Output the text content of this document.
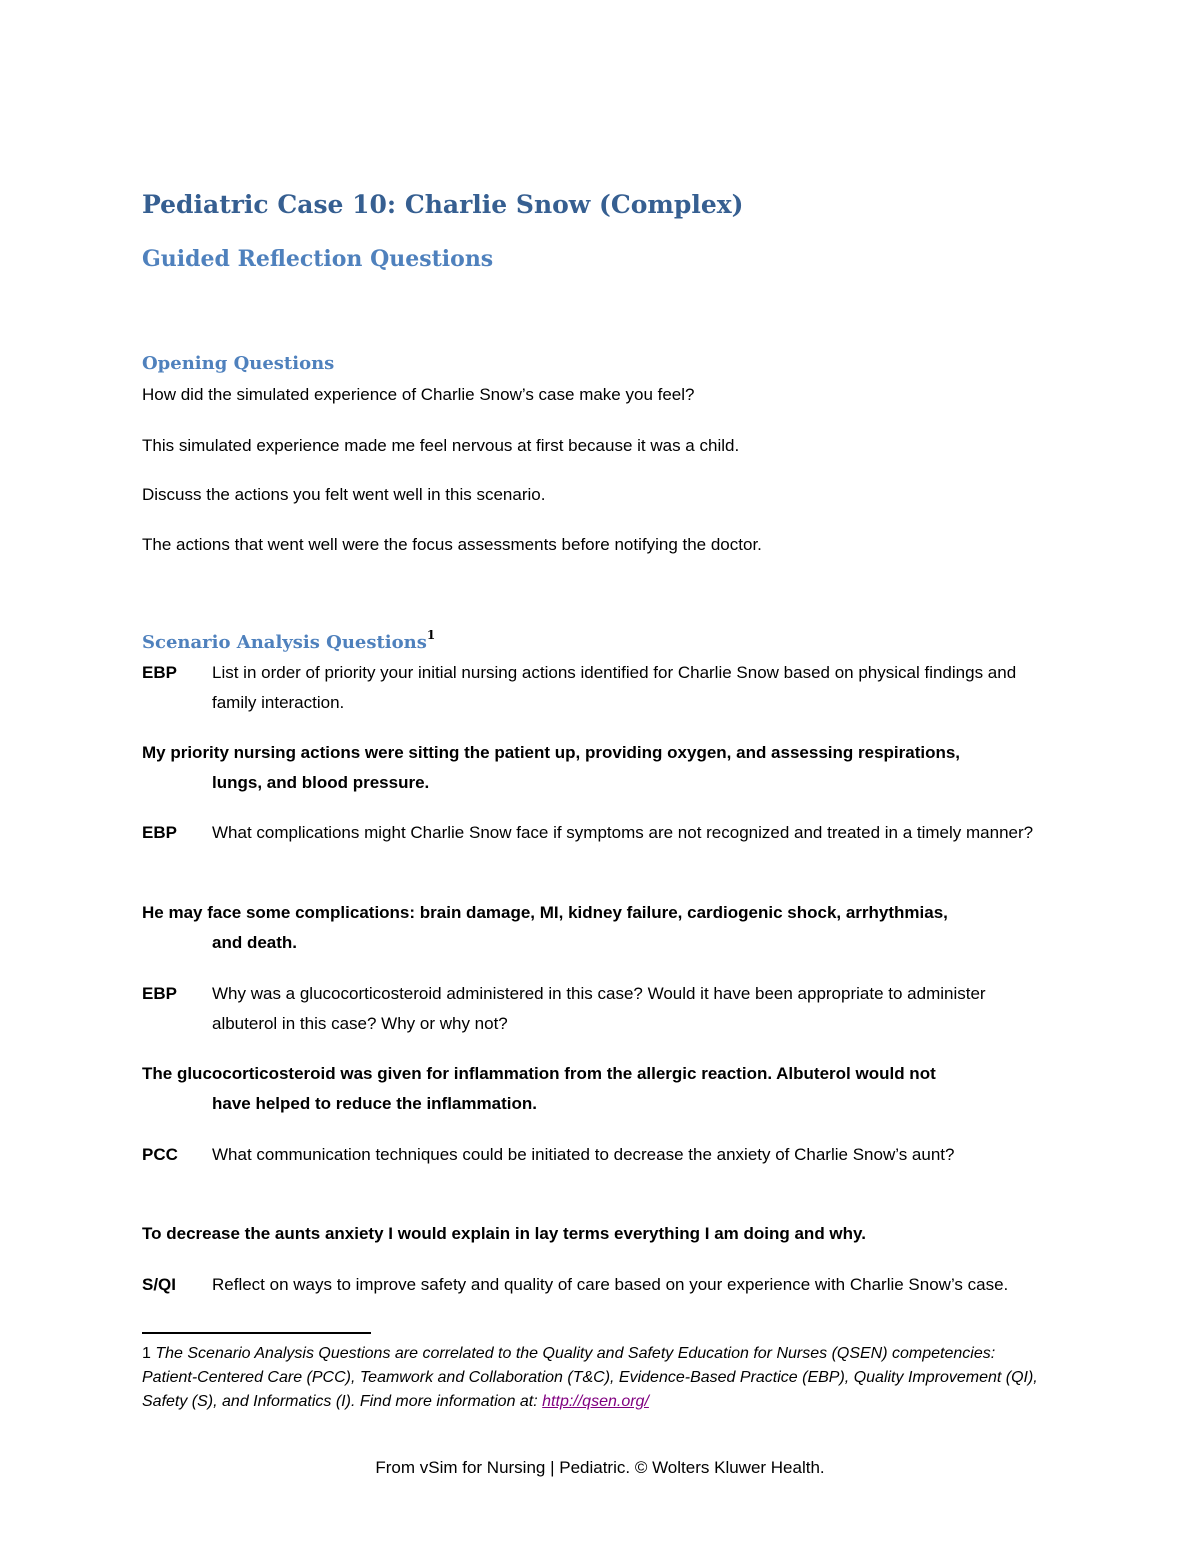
Pediatric Case 10: Charlie Snow (Complex)
Guided Reflection Questions
Opening Questions
How did the simulated experience of Charlie Snow’s case make you feel?
This simulated experience made me feel nervous at first because it was a child.
Discuss the actions you felt went well in this scenario.
The actions that went well were the focus assessments before notifying the doctor.
Scenario Analysis Questions$^1$
EBP List in order of priority your initial nursing actions identified for Charlie Snow based on physical findings and family interaction.
My priority nursing actions were sitting the patient up, providing oxygen, and assessing respirations,
lungs, and blood pressure.
EBP What complications might Charlie Snow face if symptoms are not recognized and treated in a timely manner?
He may face some complications: brain damage, MI, kidney failure, cardiogenic shock, arrhythmias,
and death.
EBP Why was a glucocorticosteroid administered in this case? Would it have been appropriate to administer albuterol in this case? Why or why not?
The glucocorticosteroid was given for inflammation from the allergic reaction. Albuterol would not
have helped to reduce the inflammation.
PCC What communication techniques could be initiated to decrease the anxiety of Charlie Snow’s aunt?
To decrease the aunts anxiety I would explain in lay terms everything I am doing and why.
S/QI Reflect on ways to improve safety and quality of care based on your experience with Charlie Snow’s case.
1 The Scenario Analysis Questions are correlated to the Quality and Safety Education for Nurses (QSEN) competencies: Patient-Centered Care (PCC), Teamwork and Collaboration (T&C), Evidence-Based Practice (EBP), Quality Improvement (QI), Safety (S), and Informatics (I). Find more information at: http://qsen.org/
From vSim for Nursing | Pediatric. © Wolters Kluwer Health.
